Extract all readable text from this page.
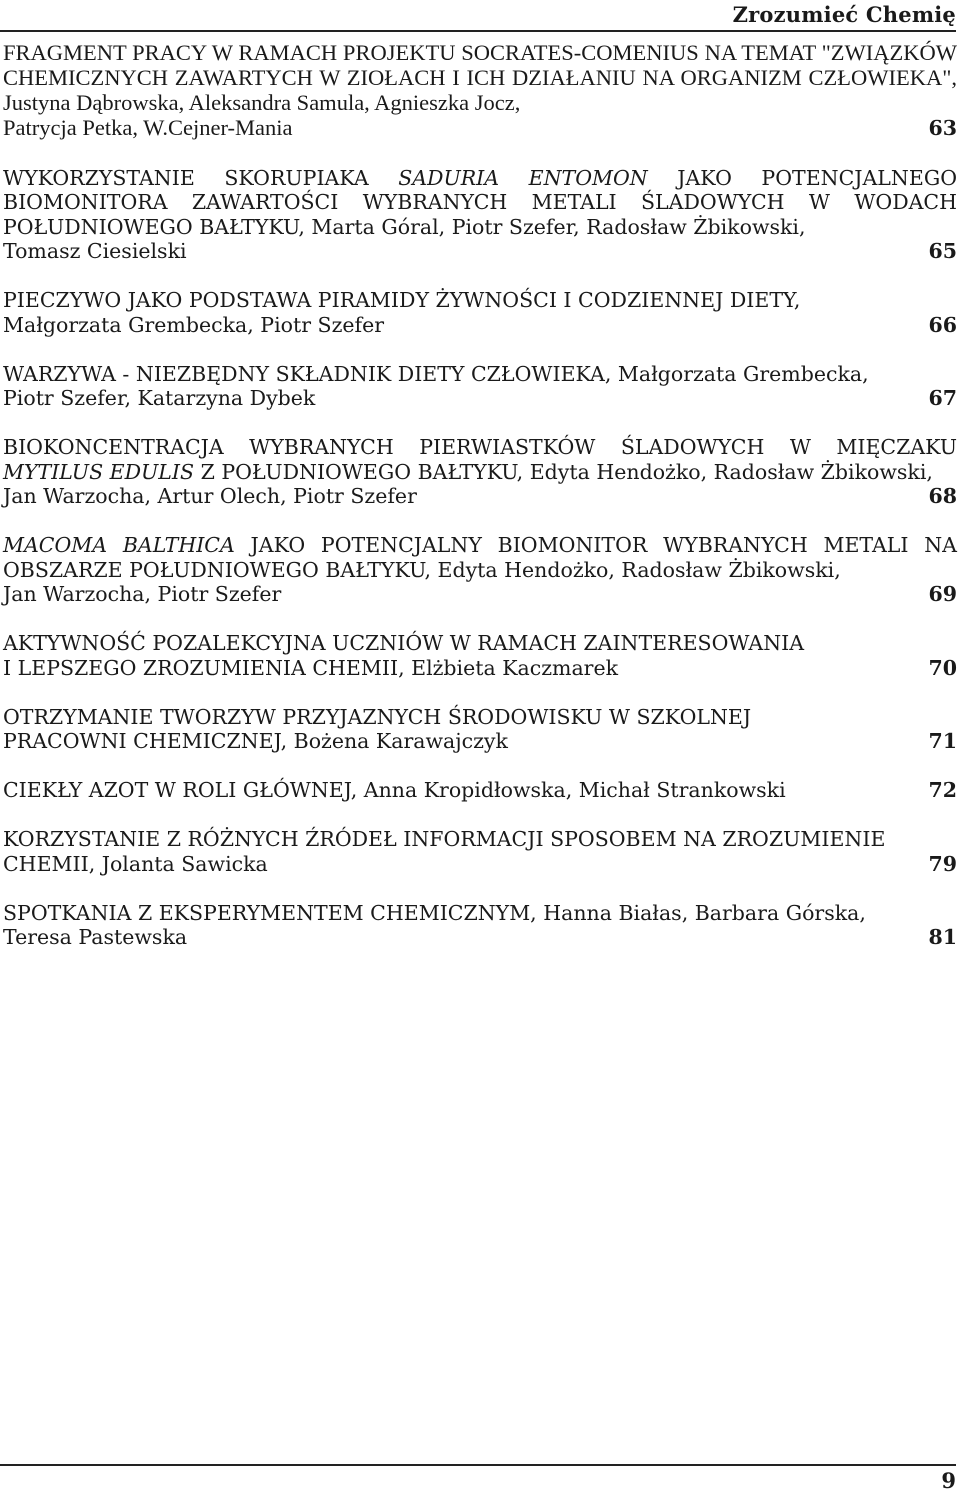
Zrozumieć Chemię

FRAGMENT PRACY W RAMACH PROJEKTU SOCRATES-COMENIUS NA TEMAT "ZWIĄZKÓW CHEMICZNYCH ZAWARTYCH W ZIOŁACH I ICH DZIAŁANIU NA ORGANIZM CZŁOWIEKA", Justyna Dąbrowska, Aleksandra Samula, Agnieszka Jocz,

Patrycja Petka, W.Cejner-Mania	63

WYKORZYSTANIE SKORUPIAKA SADURIA ENTOMON JAKO POTENCJALNEGO BIOMONITORA ZAWARTOŚCI WYBRANYCH METALI ŚLADOWYCH W WODACH POŁUDNIOWEGO BAŁTYKU, Marta Góral, Piotr Szefer, Radosław Żbikowski,

Tomasz Ciesielski	65

PIECZYWO JAKO PODSTAWA PIRAMIDY ŻYWNOŚCI I CODZIENNEJ DIETY,

Małgorzata Grembecka, Piotr Szefer	66

WARZYWA - NIEZBĘDNY SKŁADNIK DIETY CZŁOWIEKA, Małgorzata Grembecka,

Piotr Szefer, Katarzyna Dybek	67

BIOKONCENTRACJA WYBRANYCH PIERWIASTKÓW ŚLADOWYCH W MIĘCZAKU MYTILUS EDULIS Z POŁUDNIOWEGO BAŁTYKU, Edyta Hendożko, Radosław Żbikowski,

Jan Warzocha, Artur Olech, Piotr Szefer	68

MACOMA BALTHICA JAKO POTENCJALNY BIOMONITOR WYBRANYCH METALI NA OBSZARZE POŁUDNIOWEGO BAŁTYKU, Edyta Hendożko, Radosław Żbikowski,

Jan Warzocha, Piotr Szefer	69

AKTYWNOŚĆ POZALEKCYJNA UCZNIÓW W RAMACH ZAINTERESOWANIA

I LEPSZEGO ZROZUMIENIA CHEMII, Elżbieta Kaczmarek	70

OTRZYMANIE TWORZYW PRZYJAZNYCH ŚRODOWISKU W SZKOLNEJ

PRACOWNI CHEMICZNEJ, Bożena Karawajczyk	71
CIEKŁY AZOT W ROLI GŁÓWNEJ, Anna Kropidłowska, Michał Strankowski	72

KORZYSTANIE Z RÓŻNYCH ŹRÓDEŁ INFORMACJI SPOSOBEM NA ZROZUMIENIE

CHEMII, Jolanta Sawicka	79

SPOTKANIA Z EKSPERYMENTEM CHEMICZNYM, Hanna Białas, Barbara Górska,

Teresa Pastewska	81
9
